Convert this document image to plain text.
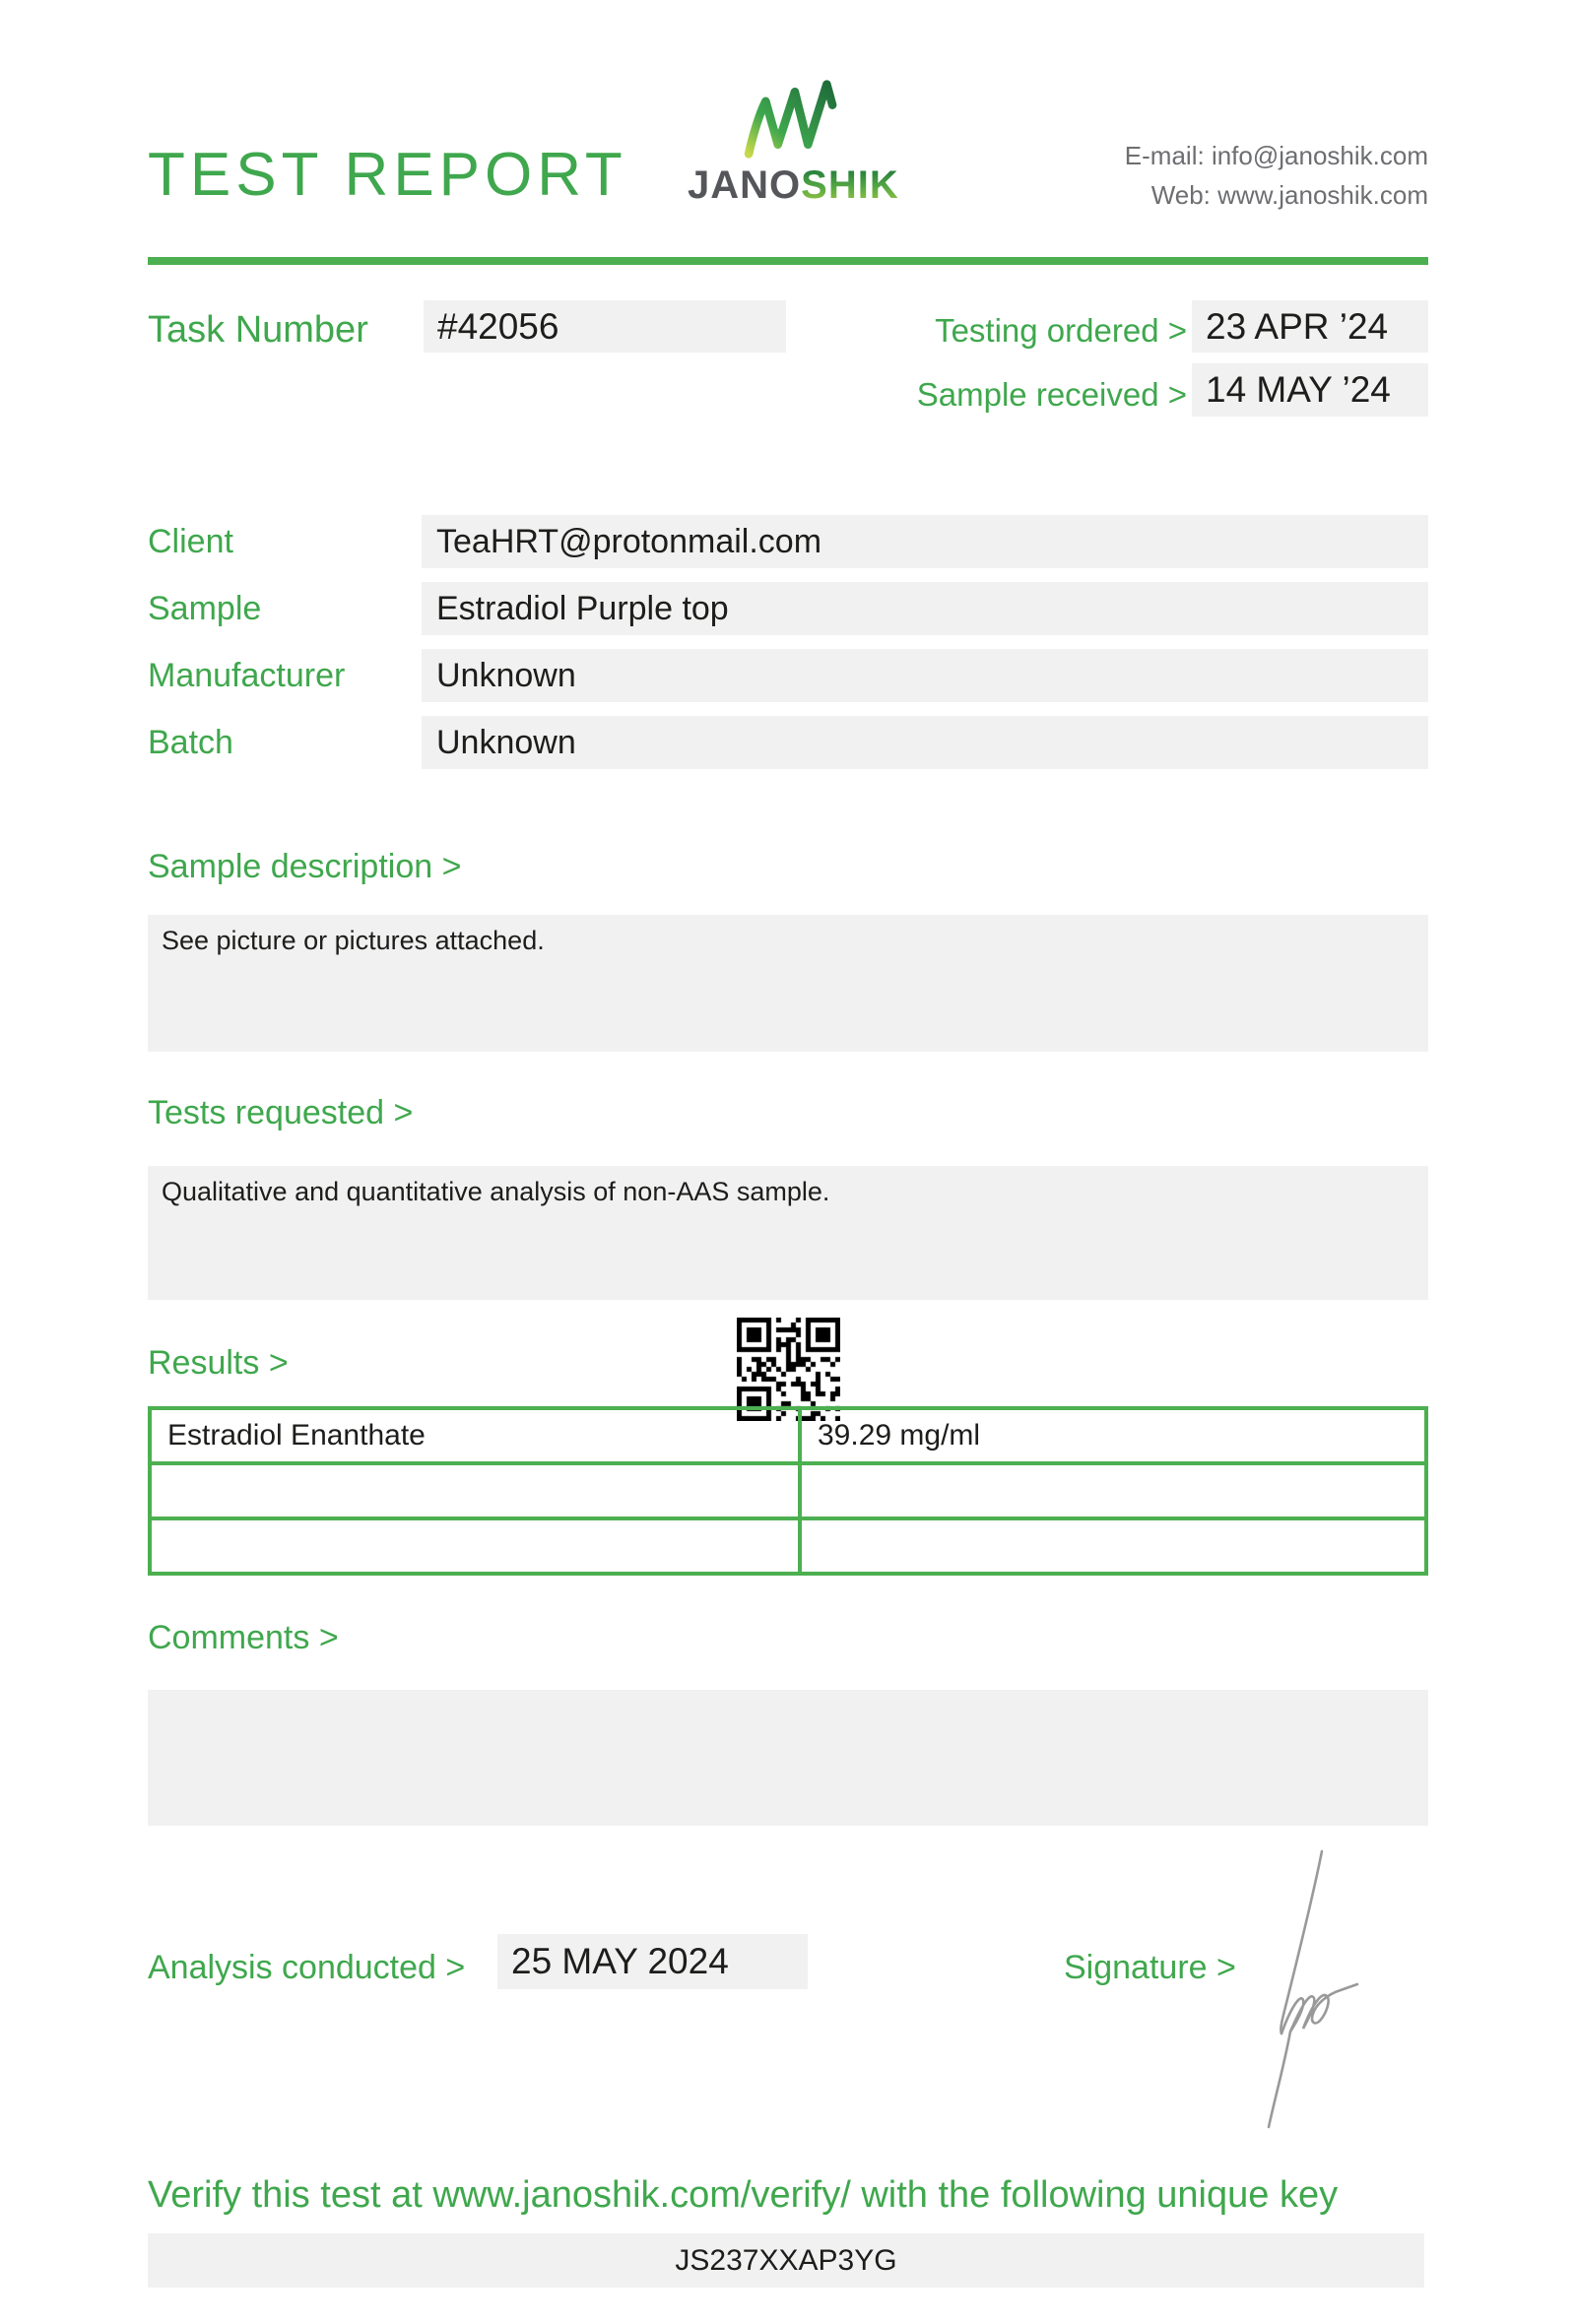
TEST REPORT JANOSHIK
E-mail: info@janoshik.com
Web: www.janoshik.com
Task Number	#42056	Testing ordered > 23 APR ’24
Sample received > 14 MAY ’24
Client	TeaHRT@protonmail.com
Sample	Estradiol Purple top
Manufacturer	Unknown
Batch	Unknown
Sample description >
See picture or pictures attached.
Tests requested >
Qualitative and quantitative analysis of non-AAS sample.
Results >
Estradiol Enanthate	39.29 mg/ml
Comments >
Analysis conducted >	25 MAY 2024	Signature >
Verify this test at www.janoshik.com/verify/ with the following unique key
JS237XXAP3YG
